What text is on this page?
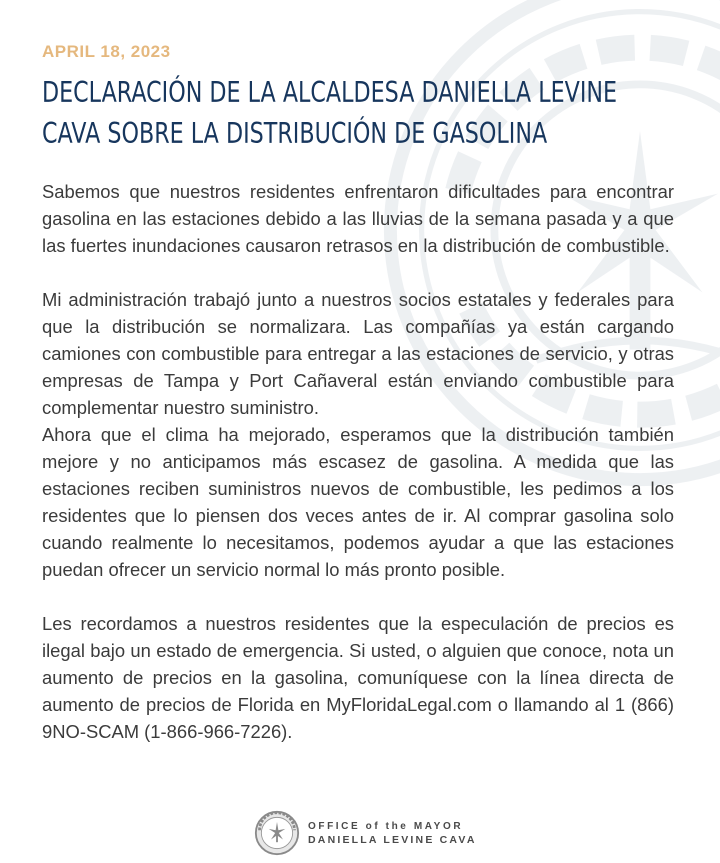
APRIL 18, 2023
DECLARACIÓN DE LA ALCALDESA DANIELLA LEVINE CAVA SOBRE LA DISTRIBUCIÓN DE GASOLINA

Sabemos que nuestros residentes enfrentaron dificultades para encontrar gasolina en las estaciones debido a las lluvias de la semana pasada y a que las fuertes inundaciones causaron retrasos en la distribución de combustible.

Mi administración trabajó junto a nuestros socios estatales y federales para que la distribución se normalizara. Las compañías ya están cargando camiones con combustible para entregar a las estaciones de servicio, y otras empresas de Tampa y Port Cañaveral están enviando combustible para complementar nuestro suministro.

Ahora que el clima ha mejorado, esperamos que la distribución también mejore y no anticipamos más escasez de gasolina. A medida que las estaciones reciben suministros nuevos de combustible, les pedimos a los residentes que lo piensen dos veces antes de ir. Al comprar gasolina solo cuando realmente lo necesitamos, podemos ayudar a que las estaciones puedan ofrecer un servicio normal lo más pronto posible.

Les recordamos a nuestros residentes que la especulación de precios es ilegal bajo un estado de emergencia. Si usted, o alguien que conoce, nota un aumento de precios en la gasolina, comuníquese con la línea directa de aumento de precios de Florida en MyFloridaLegal.com o llamando al 1 (866) 9NO-SCAM (1-866-966-7226).

OFFICE of the MAYOR
DANIELLA LEVINE CAVA
